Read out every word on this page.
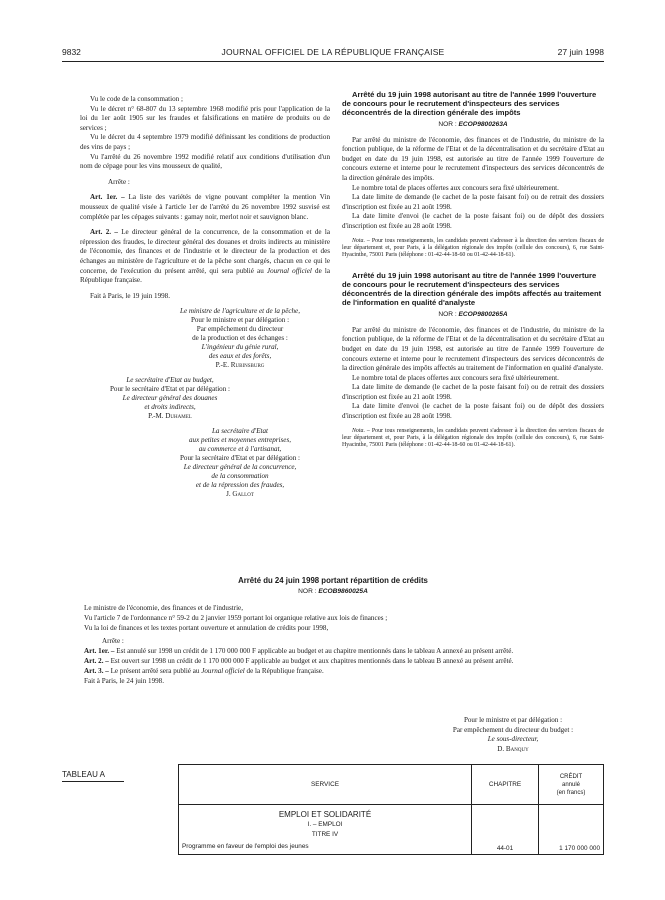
9832	JOURNAL OFFICIEL DE LA RÉPUBLIQUE FRANÇAISE	27 juin 1998

Vu le code de la consommation ;

Vu le décret n° 68-807 du 13 septembre 1968 modifié pris pour l'application de la loi du 1er août 1905 sur les fraudes et falsifications en matière de produits ou de services ;

Vu le décret du 4 septembre 1979 modifié définissant les conditions de production des vins de pays ;

Vu l'arrêté du 26 novembre 1992 modifié relatif aux conditions d'utilisation d'un nom de cépage pour les vins mousseux de qualité,

Arrête :

Art. 1er. – La liste des variétés de vigne pouvant compléter la mention Vin mousseux de qualité visée à l'article 1er de l'arrêté du 26 novembre 1992 susvisé est complétée par les cépages suivants : gamay noir, merlot noir et sauvignon blanc.

Art. 2. – Le directeur général de la concurrence, de la consommation et de la répression des fraudes, le directeur général des douanes et droits indirects au ministère de l'économie, des finances et de l'industrie et le directeur de la production et des échanges au ministère de l'agriculture et de la pêche sont chargés, chacun en ce qui le concerne, de l'exécution du présent arrêté, qui sera publié au Journal officiel de la République française.

Fait à Paris, le 19 juin 1998.

Le ministre de l'agriculture et de la pêche,

Pour le ministre et par délégation :

Par empêchement du directeur

de la production et des échanges :

L'ingénieur du génie rural,

des eaux et des forêts,

P.-E. Rubinsburg

Le secrétaire d'Etat au budget,

Pour le secrétaire d'Etat et par délégation :

Le directeur général des douanes

et droits indirects,

P.-M. Duhamel

La secrétaire d'Etat

aux petites et moyennes entreprises,

au commerce et à l'artisanat,

Pour la secrétaire d'Etat et par délégation :

Le directeur général de la concurrence,

de la consommation

et de la répression des fraudes,

J. Gallot

Arrêté du 19 juin 1998 autorisant au titre de l'année 1999 l'ouverture de concours pour le recrutement d'inspecteurs des services déconcentrés de la direction générale des impôts

NOR : ECOP9800263A

Par arrêté du ministre de l'économie, des finances et de l'industrie, du ministre de la fonction publique, de la réforme de l'Etat et de la décentralisation et du secrétaire d'Etat au budget en date du 19 juin 1998, est autorisée au titre de l'année 1999 l'ouverture de concours externe et interne pour le recrutement d'inspecteurs des services déconcentrés de la direction générale des impôts.

Le nombre total de places offertes aux concours sera fixé ultérieurement.

La date limite de demande (le cachet de la poste faisant foi) ou de retrait des dossiers d'inscription est fixée au 21 août 1998.

La date limite d'envoi (le cachet de la poste faisant foi) ou de dépôt des dossiers d'inscription est fixée au 28 août 1998.

Nota. – Pour tous renseignements, les candidats peuvent s'adresser à la direction des services fiscaux de leur département et, pour Paris, à la délégation régionale des impôts (cellule des concours), 6, rue Saint-Hyacinthe, 75001 Paris (téléphone : 01-42-44-18-60 ou 01-42-44-18-61).

Arrêté du 19 juin 1998 autorisant au titre de l'année 1999 l'ouverture de concours pour le recrutement d'inspecteurs des services déconcentrés de la direction générale des impôts affectés au traitement de l'information en qualité d'analyste

NOR : ECOP9800265A

Par arrêté du ministre de l'économie, des finances et de l'industrie, du ministre de la fonction publique, de la réforme de l'Etat et de la décentralisation et du secrétaire d'Etat au budget en date du 19 juin 1998, est autorisée au titre de l'année 1999 l'ouverture de concours externe et interne pour le recrutement d'inspecteurs des services déconcentrés de la direction générale des impôts affectés au traitement de l'information en qualité d'analyste.

Le nombre total de places offertes aux concours sera fixé ultérieurement.

La date limite de demande (le cachet de la poste faisant foi) ou de retrait des dossiers d'inscription est fixée au 21 août 1998.

La date limite d'envoi (le cachet de la poste faisant foi) ou de dépôt des dossiers d'inscription est fixée au 28 août 1998.

Nota. – Pour tous renseignements, les candidats peuvent s'adresser à la direction des services fiscaux de leur département et, pour Paris, à la délégation régionale des impôts (cellule des concours), 6, rue Saint-Hyacinthe, 75001 Paris (téléphone : 01-42-44-18-60 ou 01-42-44-18-61).

Arrêté du 24 juin 1998 portant répartition de crédits
NOR : ECOB9860025A

Le ministre de l'économie, des finances et de l'industrie,

Vu l'article 7 de l'ordonnance n° 59-2 du 2 janvier 1959 portant loi organique relative aux lois de finances ;

Vu la loi de finances et les textes portant ouverture et annulation de crédits pour 1998,

Arrête :

Art. 1er. – Est annulé sur 1998 un crédit de 1 170 000 000 F applicable au budget et au chapitre mentionnés dans le tableau A annexé au présent arrêté.

Art. 2. – Est ouvert sur 1998 un crédit de 1 170 000 000 F applicable au budget et aux chapitres mentionnés dans le tableau B annexé au présent arrêté.

Art. 3. – Le présent arrêté sera publié au Journal officiel de la République française.

Fait à Paris, le 24 juin 1998.

Pour le ministre et par délégation :

Par empêchement du directeur du budget :

Le sous-directeur,

D. Banquy

TABLEAU A
SERVICE	CHAPITRE	CRÉDIT
annulé
(en francs)

EMPLOI ET SOLIDARITÉ
I. – EMPLOI
TITRE IV
Programme en faveur de l'emploi des jeunes	44-01	1 170 000 000
